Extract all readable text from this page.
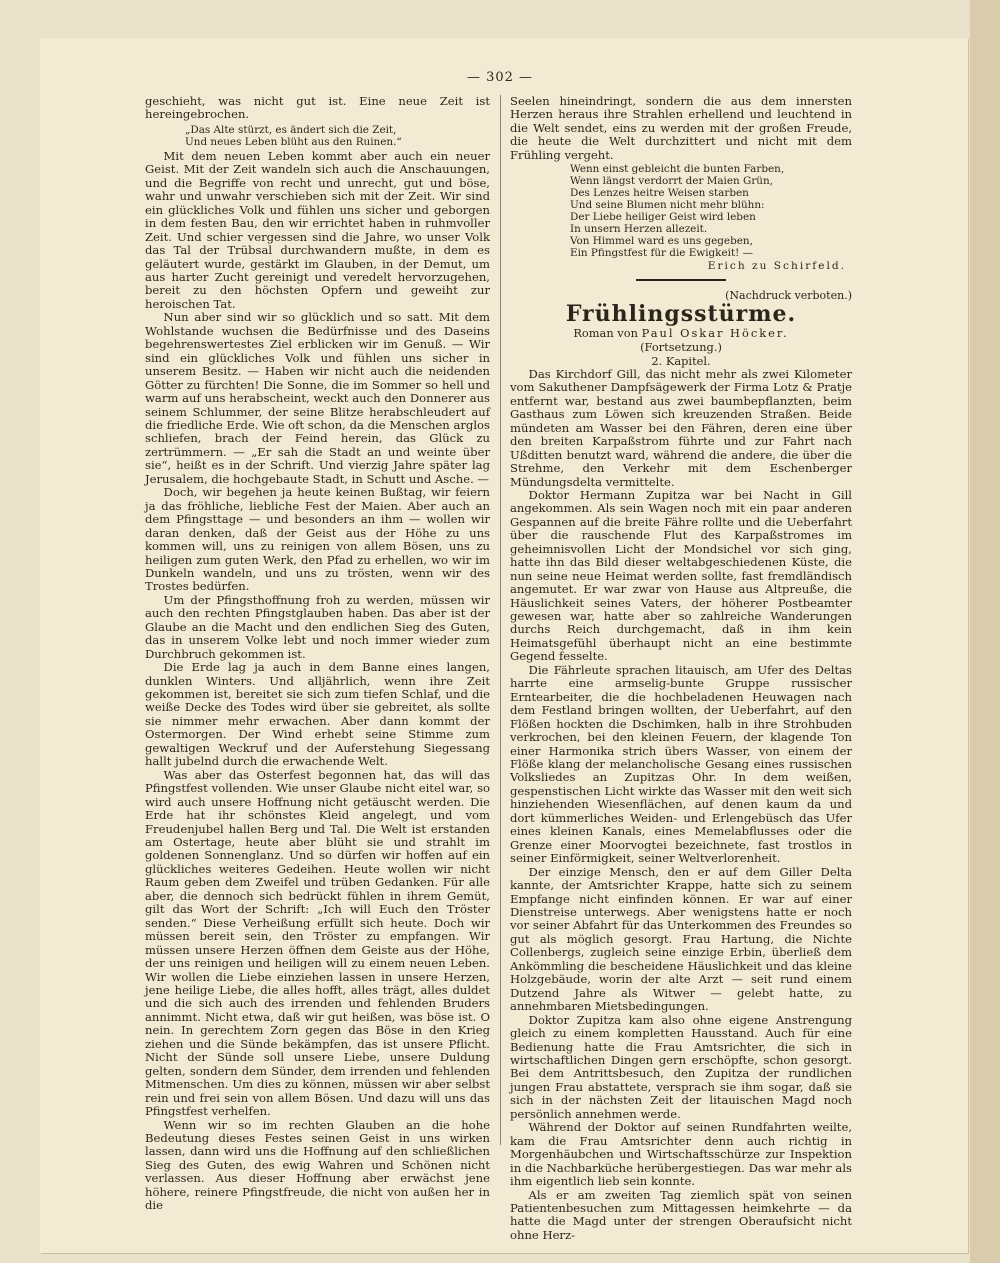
— 302 —

geschieht, was nicht gut ist. Eine neue Zeit ist hereingebrochen.

„Das Alte stürzt, es ändert sich die Zeit,
Und neues Leben blüht aus den Ruinen.“

Mit dem neuen Leben kommt aber auch ein neuer Geist. Mit der Zeit wandeln sich auch die Anschauungen, und die Begriffe von recht und unrecht, gut und böse, wahr und unwahr verschieben sich mit der Zeit. Wir sind ein glückliches Volk und fühlen uns sicher und geborgen in dem festen Bau, den wir errichtet haben in ruhmvoller Zeit. Und schier vergessen sind die Jahre, wo unser Volk das Tal der Trübsal durchwandern mußte, in dem es geläutert wurde, gestärkt im Glauben, in der Demut, um aus harter Zucht gereinigt und veredelt hervorzugehen, bereit zu den höchsten Opfern und geweiht zur heroischen Tat.

Nun aber sind wir so glücklich und so satt. Mit dem Wohlstande wuchsen die Bedürfnisse und des Daseins begehrenswertestes Ziel erblicken wir im Genuß. — Wir sind ein glückliches Volk und fühlen uns sicher in unserem Besitz. — Haben wir nicht auch die neidenden Götter zu fürchten! Die Sonne, die im Sommer so hell und warm auf uns herabscheint, weckt auch den Donnerer aus seinem Schlummer, der seine Blitze herabschleudert auf die friedliche Erde. Wie oft schon, da die Menschen arglos schliefen, brach der Feind herein, das Glück zu zertrümmern. — „Er sah die Stadt an und weinte über sie“, heißt es in der Schrift. Und vierzig Jahre später lag Jerusalem, die hochgebaute Stadt, in Schutt und Asche. —

Doch, wir begehen ja heute keinen Bußtag, wir feiern ja das fröhliche, liebliche Fest der Maien. Aber auch an dem Pfingsttage — und besonders an ihm — wollen wir daran denken, daß der Geist aus der Höhe zu uns kommen will, uns zu reinigen von allem Bösen, uns zu heiligen zum guten Werk, den Pfad zu erhellen, wo wir im Dunkeln wandeln, und uns zu trösten, wenn wir des Trostes bedürfen.

Um der Pfingsthoffnung froh zu werden, müssen wir auch den rechten Pfingstglauben haben. Das aber ist der Glaube an die Macht und den endlichen Sieg des Guten, das in unserem Volke lebt und noch immer wieder zum Durchbruch gekommen ist.

Die Erde lag ja auch in dem Banne eines langen, dunklen Winters. Und alljährlich, wenn ihre Zeit gekommen ist, bereitet sie sich zum tiefen Schlaf, und die weiße Decke des Todes wird über sie gebreitet, als sollte sie nimmer mehr erwachen. Aber dann kommt der Ostermorgen. Der Wind erhebt seine Stimme zum gewaltigen Weckruf und der Auferstehung Siegessang hallt jubelnd durch die erwachende Welt.

Was aber das Osterfest begonnen hat, das will das Pfingstfest vollenden. Wie unser Glaube nicht eitel war, so wird auch unsere Hoffnung nicht getäuscht werden. Die Erde hat ihr schönstes Kleid angelegt, und vom Freudenjubel hallen Berg und Tal. Die Welt ist erstanden am Ostertage, heute aber blüht sie und strahlt im goldenen Sonnenglanz. Und so dürfen wir hoffen auf ein glückliches weiteres Gedeihen. Heute wollen wir nicht Raum geben dem Zweifel und trüben Gedanken. Für alle aber, die dennoch sich bedrückt fühlen in ihrem Gemüt, gilt das Wort der Schrift: „Ich will Euch den Tröster senden.“ Diese Verheißung erfüllt sich heute. Doch wir müssen bereit sein, den Tröster zu empfangen. Wir müssen unsere Herzen öffnen dem Geiste aus der Höhe, der uns reinigen und heiligen will zu einem neuen Leben. Wir wollen die Liebe einziehen lassen in unsere Herzen, jene heilige Liebe, die alles hofft, alles trägt, alles duldet und die sich auch des irrenden und fehlenden Bruders annimmt. Nicht etwa, daß wir gut heißen, was böse ist. O nein. In gerechtem Zorn gegen das Böse in den Krieg ziehen und die Sünde bekämpfen, das ist unsere Pflicht. Nicht der Sünde soll unsere Liebe, unsere Duldung gelten, sondern dem Sünder, dem irrenden und fehlenden Mitmenschen. Um dies zu können, müssen wir aber selbst rein und frei sein von allem Bösen. Und dazu will uns das Pfingstfest verhelfen.

Wenn wir so im rechten Glauben an die hohe Bedeutung dieses Festes seinen Geist in uns wirken lassen, dann wird uns die Hoffnung auf den schließlichen Sieg des Guten, des ewig Wahren und Schönen nicht verlassen. Aus dieser Hoffnung aber erwächst jene höhere, reinere Pfingstfreude, die nicht von außen her in die

Seelen hineindringt, sondern die aus dem innersten Herzen heraus ihre Strahlen erhellend und leuchtend in die Welt sendet, eins zu werden mit der großen Freude, die heute die Welt durchzittert und nicht mit dem Frühling vergeht.

Wenn einst gebleicht die bunten Farben,
Wenn längst verdorrt der Maien Grün,
Des Lenzes heitre Weisen starben
Und seine Blumen nicht mehr blühn:
Der Liebe heiliger Geist wird leben
In unsern Herzen allezeit.
Von Himmel ward es uns gegeben,
Ein Pfingstfest für die Ewigkeit! —
Erich zu Schirfeld.
(Nachdruck verboten.)
Frühlingsstürme.
Roman von Paul Oskar Höcker.
(Fortsetzung.)
2. Kapitel.

Das Kirchdorf Gill, das nicht mehr als zwei Kilometer vom Sakuthener Dampfsägewerk der Firma Lotz & Pratje entfernt war, bestand aus zwei baumbepflanzten, beim Gasthaus zum Löwen sich kreuzenden Straßen. Beide mündeten am Wasser bei den Fähren, deren eine über den breiten Karpaßstrom führte und zur Fahrt nach Ußditten benutzt ward, während die andere, die über die Strehme, den Verkehr mit dem Eschenberger Mündungsdelta vermittelte.

Doktor Hermann Zupitza war bei Nacht in Gill angekommen. Als sein Wagen noch mit ein paar anderen Gespannen auf die breite Fähre rollte und die Ueberfahrt über die rauschende Flut des Karpaßstromes im geheimnisvollen Licht der Mondsichel vor sich ging, hatte ihn das Bild dieser weltabgeschiedenen Küste, die nun seine neue Heimat werden sollte, fast fremdländisch angemutet. Er war zwar von Hause aus Altpreuße, die Häuslichkeit seines Vaters, der höherer Postbeamter gewesen war, hatte aber so zahlreiche Wanderungen durchs Reich durchgemacht, daß in ihm kein Heimatsgefühl überhaupt nicht an eine bestimmte Gegend fesselte.

Die Fährleute sprachen litauisch, am Ufer des Deltas harrte eine armselig-bunte Gruppe russischer Erntearbeiter, die die hochbeladenen Heuwagen nach dem Festland bringen wollten, der Ueberfahrt, auf den Flößen hockten die Dschimken, halb in ihre Strohbuden verkrochen, bei den kleinen Feuern, der klagende Ton einer Harmonika strich übers Wasser, von einem der Flöße klang der melancholische Gesang eines russischen Volksliedes an Zupitzas Ohr. In dem weißen, gespenstischen Licht wirkte das Wasser mit den weit sich hinziehenden Wiesenflächen, auf denen kaum da und dort kümmerliches Weiden- und Erlengebüsch das Ufer eines kleinen Kanals, eines Memelabflusses oder die Grenze einer Moorvogtei bezeichnete, fast trostlos in seiner Einförmigkeit, seiner Weltverlorenheit.

Der einzige Mensch, den er auf dem Giller Delta kannte, der Amtsrichter Krappe, hatte sich zu seinem Empfange nicht einfinden können. Er war auf einer Dienstreise unterwegs. Aber wenigstens hatte er noch vor seiner Abfahrt für das Unterkommen des Freundes so gut als möglich gesorgt. Frau Hartung, die Nichte Collenbergs, zugleich seine einzige Erbin, überließ dem Ankömmling die bescheidene Häuslichkeit und das kleine Holzgebäude, worin der alte Arzt — seit rund einem Dutzend Jahre als Witwer — gelebt hatte, zu annehmbaren Mietsbedingungen.

Doktor Zupitza kam also ohne eigene Anstrengung gleich zu einem kompletten Hausstand. Auch für eine Bedienung hatte die Frau Amtsrichter, die sich in wirtschaftlichen Dingen gern erschöpfte, schon gesorgt. Bei dem Antrittsbesuch, den Zupitza der rundlichen jungen Frau abstattete, versprach sie ihm sogar, daß sie sich in der nächsten Zeit der litauischen Magd noch persönlich annehmen werde.

Während der Doktor auf seinen Rundfahrten weilte, kam die Frau Amtsrichter denn auch richtig in Morgenhäubchen und Wirtschaftsschürze zur Inspektion in die Nachbarküche herübergestiegen. Das war mehr als ihm eigentlich lieb sein konnte.

Als er am zweiten Tag ziemlich spät von seinen Patientenbesuchen zum Mittagessen heimkehrte — da hatte die Magd unter der strengen Oberaufsicht nicht ohne Herz-
